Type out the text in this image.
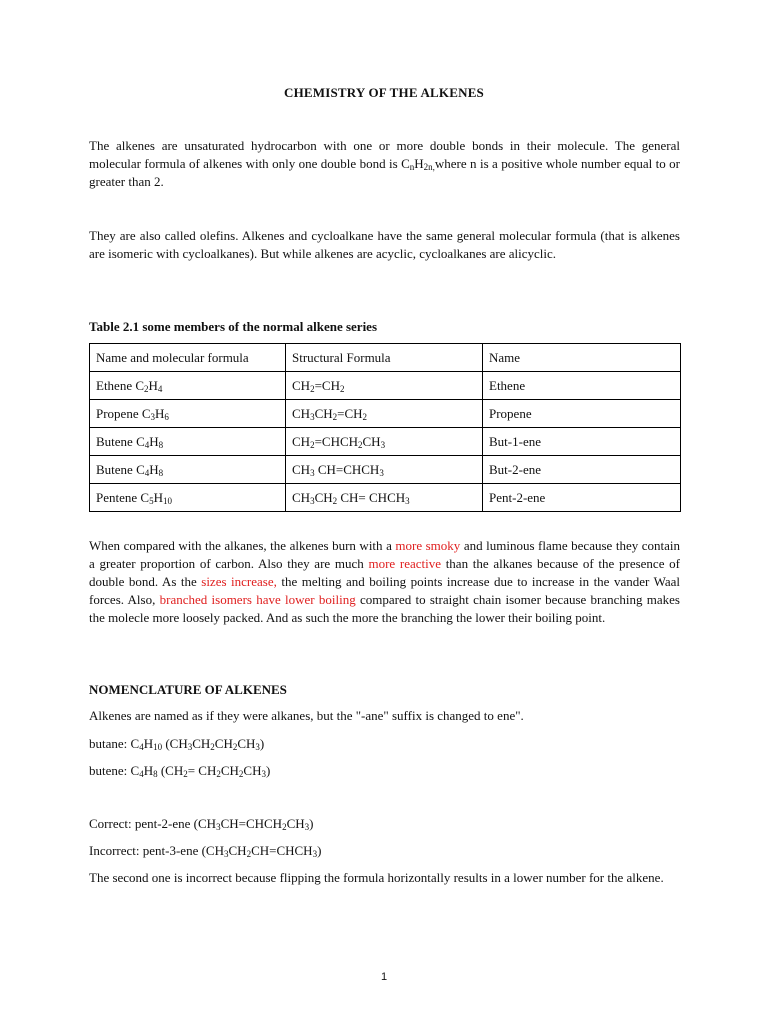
CHEMISTRY OF THE ALKENES

The alkenes are unsaturated hydrocarbon with one or more double bonds in their molecule. The general molecular formula of alkenes with only one double bond is $C_nH_{2n,}where$ n is a positive whole number equal to or greater than 2.

They are also called olefins. Alkenes and cycloalkane have the same general molecular formula (that is alkenes are isomeric with cycloalkanes). But while alkenes are acyclic, cycloalkanes are alicyclic.

Table 2.1 some members of the normal alkene series

Name and molecular formula	Structural Formula	Name
Ethene $C_2H_4$	$CH_2=CH_2$	Ethene
Propene $C_3H_6$	$CH_3CH_2=CH_2$	Propene
Butene $C_4H_8$	$CH_2=CHCH_2CH_3$	But-1-ene
Butene $C_4H_8$	$CH_3$ $CH=CHCH_3$	But-2-ene
Pentene $C_5H_{10}$	$CH_3CH_2$ $CH= CHCH_3$	Pent-2-ene

When compared with the alkanes, the alkenes burn with a more smoky and luminous flame because they contain a greater proportion of carbon. Also they are much more reactive than the alkanes because of the presence of double bond. As the sizes increase, the melting and boiling points increase due to increase in the vander Waal forces. Also, branched isomers have lower boiling compared to straight chain isomer because branching makes the molecle more loosely packed. And as such the more the branching the lower their boiling point.

NOMENCLATURE OF ALKENES

Alkenes are named as if they were alkanes, but the "-ane" suffix is changed to ene".

butane: $C_4H_{10}$ $(CH_3CH_2CH_2CH_3)$

butene: $C_4H_8$ $(CH_2= CH_2CH_2CH_3)$

Correct: pent-2-ene $(CH_3CH=CHCH_2CH_3)$

Incorrect: pent-3-ene $(CH_3CH_2CH=CHCH_3)$

The second one is incorrect because flipping the formula horizontally results in a lower number for the alkene.

1
